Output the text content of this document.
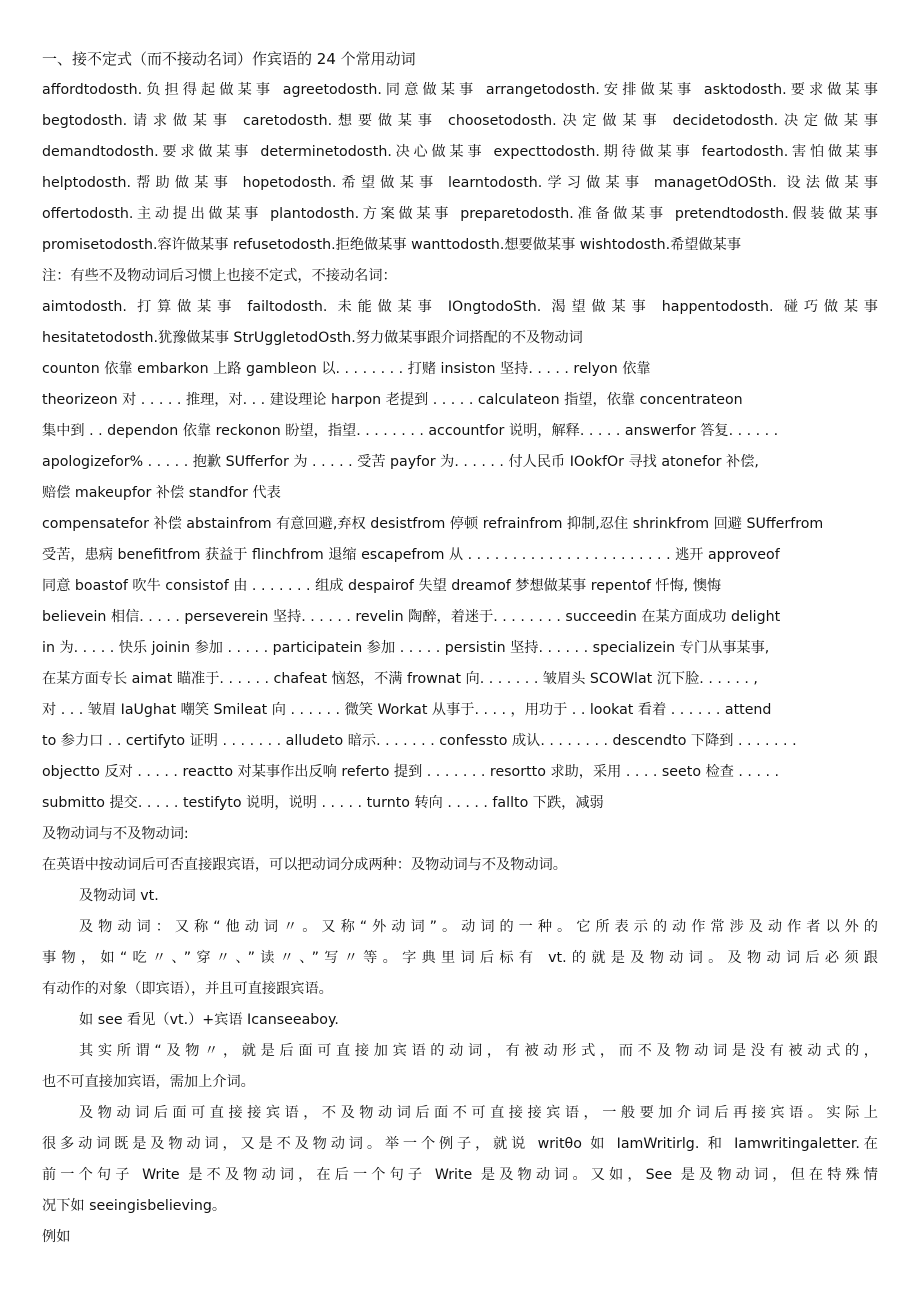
一、接不定式（而不接动名词）作宾语的 24 个常用动词
affordtodosth.负担得起做某事 agreetodosth.同意做某事 arrangetodosth.安排做某事 asktodosth.要求做某事
begtodosth.请求做某事 caretodosth.想要做某事 choosetodosth.决定做某事 decidetodosth.决定做某事
demandtodosth.要求做某事 determinetodosth.决心做某事 expecttodosth.期待做某事 feartodosth.害怕做某事
helptodosth.帮助做某事 hopetodosth.希望做某事 learntodosth.学习做某事 managetOdOSth. 设法做某事
offertodosth.主动提出做某事 plantodosth.方案做某事 preparetodosth.准备做某事 pretendtodosth.假装做某事
promisetodosth.容许做某事 refusetodosth.拒绝做某事 wanttodosth.想要做某事 wishtodosth.希望做某事
注：有些不及物动词后习惯上也接不定式，不接动名词：
aimtodosth. 打算做某事 failtodosth. 未能做某事 IOngtodoSth. 渴望做某事 happentodosth. 碰巧做某事
hesitatetodosth.犹豫做某事 StrUggletodOsth.努力做某事跟介词搭配的不及物动词
counton 依靠 embarkon 上路 gambleon 以. . . . . . . . 打赌 insiston 坚持. . . . . relyon 依靠
theorizeon 对 . . . . . 推理，对. . . 建设理论 harpon 老提到 . . . . . calculateon 指望，依靠 concentrateon
集中到 . . dependon 依靠 reckonon 盼望，指望. . . . . . . . accountfor 说明，解释. . . . . answerfor 答复. . . . . .
apologizefor% . . . . . 抱歉 SUfferfor 为 . . . . . 受苦 payfor 为. . . . . . 付人民币 IOokfOr 寻找 atonefor 补偿,
赔偿 makeupfor 补偿 standfor 代表
compensatefor 补偿 abstainfrom 有意回避,弃权 desistfrom 停顿 refrainfrom 抑制,忍住 shrinkfrom 回避 SUfferfrom
受苦，患病 benefitfrom 获益于 flinchfrom 退缩 escapefrom 从 . . . . . . . . . . . . . . . . . . . . . . . 逃开 approveof
同意 boastof 吹牛 consistof 由 . . . . . . . 组成 despairof 失望 dreamof 梦想做某事 repentof 忏悔, 懊悔
believein 相信. . . . . perseverein 坚持. . . . . . revelin 陶醉，着迷于. . . . . . . . succeedin 在某方面成功 delight
in 为. . . . . 快乐 joinin 参加 . . . . . participatein 参加 . . . . . persistin 坚持. . . . . . specializein 专门从事某事,
在某方面专长 aimat 瞄准于. . . . . . chafeat 恼怒，不满 frownat 向. . . . . . . 皱眉头 SCOWlat 沉下脸. . . . . . ,
对 . . . 皱眉 IaUghat 嘲笑 Smileat 向 . . . . . . 微笑 Workat 从事于. . . . ，用功于 . . lookat 看着 . . . . . . attend
to 参力口 . . certifyto 证明 . . . . . . . alludeto 暗示. . . . . . . confessto 成认. . . . . . . . descendto 下降到 . . . . . . .
objectto 反对 . . . . . reactto 对某事作出反响 referto 提到 . . . . . . . resortto 求助，采用 . . . . seeto 检查 . . . . .
submitto 提交. . . . . testifyto 说明，说明 . . . . . turnto 转向 . . . . . fallto 下跌，减弱
及物动词与不及物动词:
在英语中按动词后可否直接跟宾语，可以把动词分成两种：及物动词与不及物动词。
及物动词 vt.
及物动词：又称“他动词〃。又称“外动词”。动词的一种。它所表示的动作常涉及动作者以外的
事物，如“吃〃、”穿〃、”读〃、”写〃等。字典里词后标有 vt.的就是及物动词。及物动词后必须跟
有动作的对象（即宾语），并且可直接跟宾语。
如 see 看见（vt.）+宾语 Icanseeaboy.
其实所谓“及物〃，就是后面可直接加宾语的动词，有被动形式，而不及物动词是没有被动式的，
也不可直接加宾语，需加上介词。
及物动词后面可直接接宾语，不及物动词后面不可直接接宾语，一般要加介词后再接宾语。实际上
很多动词既是及物动词，又是不及物动词。举一个例子，就说 writθo 如 IamWritirlg. 和 Iamwritingaletter.在
前一个句子 Write 是不及物动词，在后一个句子 Write 是及物动词。又如，See 是及物动词，但在特殊情
况下如 seeingisbelieving。
例如
